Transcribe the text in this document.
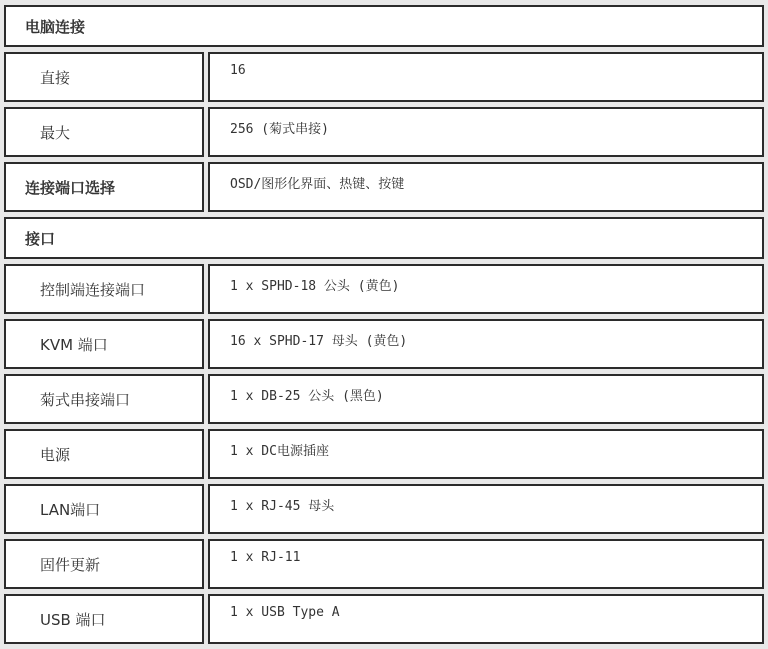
电脑连接	
直接	16
最大	256 (菊式串接)
连接端口选择	OSD/图形化界面、热键、按键
接口	
控制端连接端口	1 x SPHD-18 公头 (黄色)
KVM 端口	16 x SPHD-17 母头 (黄色)
菊式串接端口	1 x DB-25 公头 (黑色)
电源	1 x DC电源插座
LAN端口	1 x RJ-45 母头
固件更新	1 x RJ-11
USB 端口	1 x USB Type A
